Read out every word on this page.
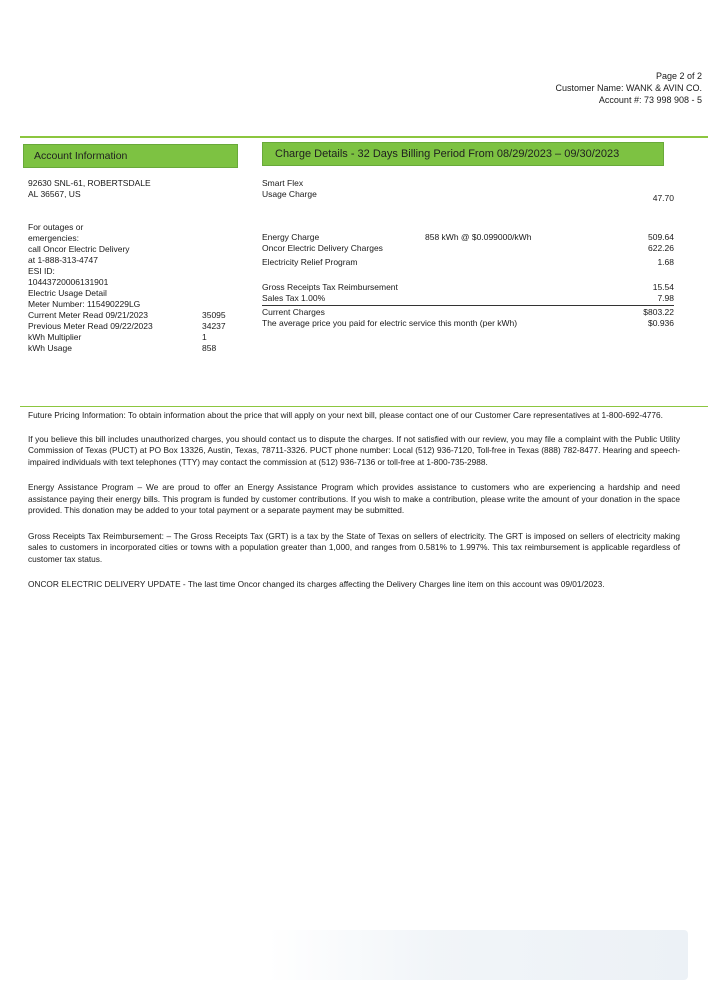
Page 2 of 2
Customer Name: WANK & AVIN CO.
Account #: 73 998 908 - 5
Account Information	Charge Details - 32 Days Billing Period From 08/29/2023 – 09/30/2023
92630 SNL-61, ROBERTSDALE
AL 36567, US
For outages or
emergencies:
call Oncor Electric Delivery
at 1-888-313-4747
ESI ID:
10443720006131901
Electric Usage Detail
Meter Number: 115490229LG
Current Meter Read 09/21/2023	35095
Previous Meter Read 09/22/2023	34237
kWh Multiplier	1
kWh Usage	858
Smart Flex
Usage Charge	47.70
Energy Charge	858 kWh @ $0.099000/kWh	509.64
Oncor Electric Delivery Charges	622.26
Electricity Relief Program	1.68
Gross Receipts Tax Reimbursement	15.54
Sales Tax 1.00%	7.98
Current Charges	$803.22
The average price you paid for electric service this month (per kWh)	$0.936

Future Pricing Information: To obtain information about the price that will apply on your next bill, please contact one of our Customer Care representatives at 1-800-692-4776.

If you believe this bill includes unauthorized charges, you should contact us to dispute the charges. If not satisfied with our review, you may file a complaint with the Public Utility Commission of Texas (PUCT) at PO Box 13326, Austin, Texas, 78711-3326. PUCT phone number: Local (512) 936-7120, Toll-free in Texas (888) 782-8477. Hearing and speech-impaired individuals with text telephones (TTY) may contact the commission at (512) 936-7136 or toll-free at 1-800-735-2988.

Energy Assistance Program – We are proud to offer an Energy Assistance Program which provides assistance to customers who are experiencing a hardship and need assistance paying their energy bills. This program is funded by customer contributions. If you wish to make a contribution, please write the amount of your donation in the space provided. This donation may be added to your total payment or a separate payment may be submitted.

Gross Receipts Tax Reimbursement: – The Gross Receipts Tax (GRT) is a tax by the State of Texas on sellers of electricity. The GRT is imposed on sellers of electricity making sales to customers in incorporated cities or towns with a population greater than 1,000, and ranges from 0.581% to 1.997%. This tax reimbursement is applicable regardless of customer tax status.

ONCOR ELECTRIC DELIVERY UPDATE - The last time Oncor changed its charges affecting the Delivery Charges line item on this account was 09/01/2023.
